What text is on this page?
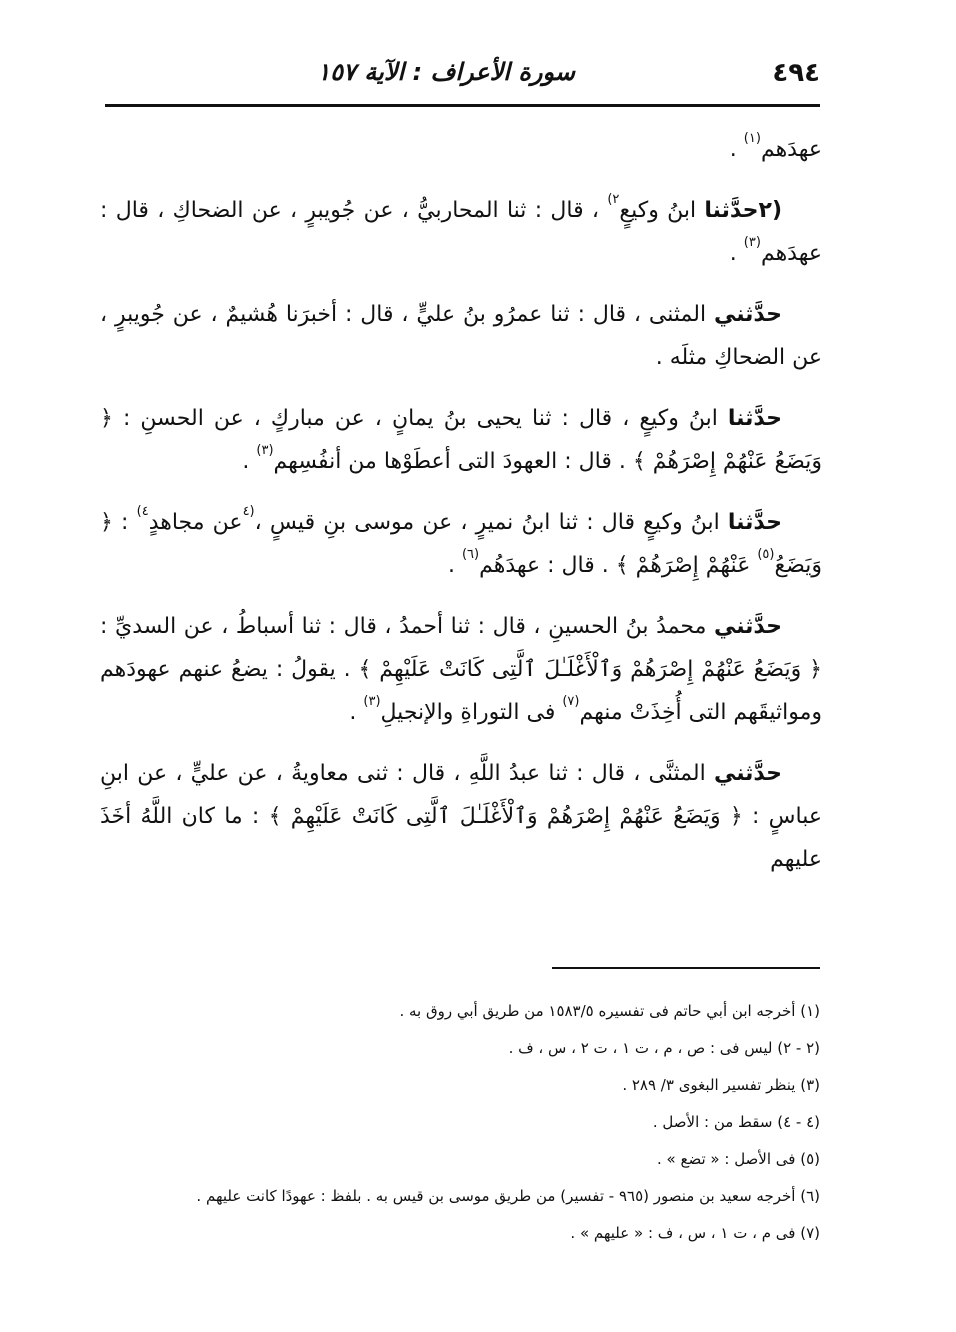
٤٩٤
سورة الأعراف : الآية ١٥٧

عهدَهم$^{(١)}$ .

(٢حدَّثنا ابنُ وكيعٍ$^{٢)}$ ، قال : ثنا المحاربيُّ ، عن جُويبرٍ ، عن الضحاكِ ، قال : عهدَهم$^{(٣)}$ .

حدَّثني المثنى ، قال : ثنا عمرُو بنُ عليٍّ ، قال : أخبرَنا هُشيمٌ ، عن جُويبرٍ ، عن الضحاكِ مثلَه .

حدَّثنا ابنُ وكيعٍ ، قال : ثنا يحيى بنُ يمانٍ ، عن مباركٍ ، عن الحسنِ : ﴿ وَيَضَعُ عَنْهُمْ إِصْرَهُمْ ﴾ . قال : العهودَ التى أعطَوْها من أنفُسِهم$^{(٣)}$ .

حدَّثنا ابنُ وكيعٍ قال : ثنا ابنُ نميرٍ ، عن موسى بنِ قيسٍ ،$^{(٤}$عن مجاهدٍ$^{٤)}$ : ﴿ وَيَضَعُ$^{(٥)}$ عَنْهُمْ إِصْرَهُمْ ﴾ . قال : عهدَهُم$^{(٦)}$ .

حدَّثني محمدُ بنُ الحسينِ ، قال : ثنا أحمدُ ، قال : ثنا أسباطُ ، عن السديِّ : ﴿ وَيَضَعُ عَنْهُمْ إِصْرَهُمْ وَٱلْأَغْلَـٰلَ ٱلَّتِى كَانَتْ عَلَيْهِمْ ﴾ . يقولُ : يضعُ عنهم عهودَهم ومواثيقَهم التى أُخِذَتْ منهم$^{(٧)}$ فى التوراةِ والإنجيلِ$^{(٣)}$ .

حدَّثني المثنَّى ، قال : ثنا عبدُ اللَّهِ ، قال : ثنى معاويةُ ، عن عليٍّ ، عن ابنِ عباسٍ : ﴿ وَيَضَعُ عَنْهُمْ إِصْرَهُمْ وَٱلْأَغْلَـٰلَ ٱلَّتِى كَانَتْ عَلَيْهِمْ ﴾ : ما كان اللَّهُ أخَذَ عليهم

(١) أخرجه ابن أبي حاتم فى تفسيره ١٥٨٣/٥ من طريق أبي روق به .

(٢ - ٢) ليس فى : ص ، م ، ت ١ ، ت ٢ ، س ، ف .

(٣) ينظر تفسير البغوى ٣/ ٢٨٩ .

(٤ - ٤) سقط من : الأصل .

(٥) فى الأصل : « تضع » .

(٦) أخرجه سعيد بن منصور (٩٦٥ - تفسير) من طريق موسى بن قيس به . بلفظ : عهودًا كانت عليهم .

(٧) فى م ، ت ١ ، س ، ف : « عليهم » .
